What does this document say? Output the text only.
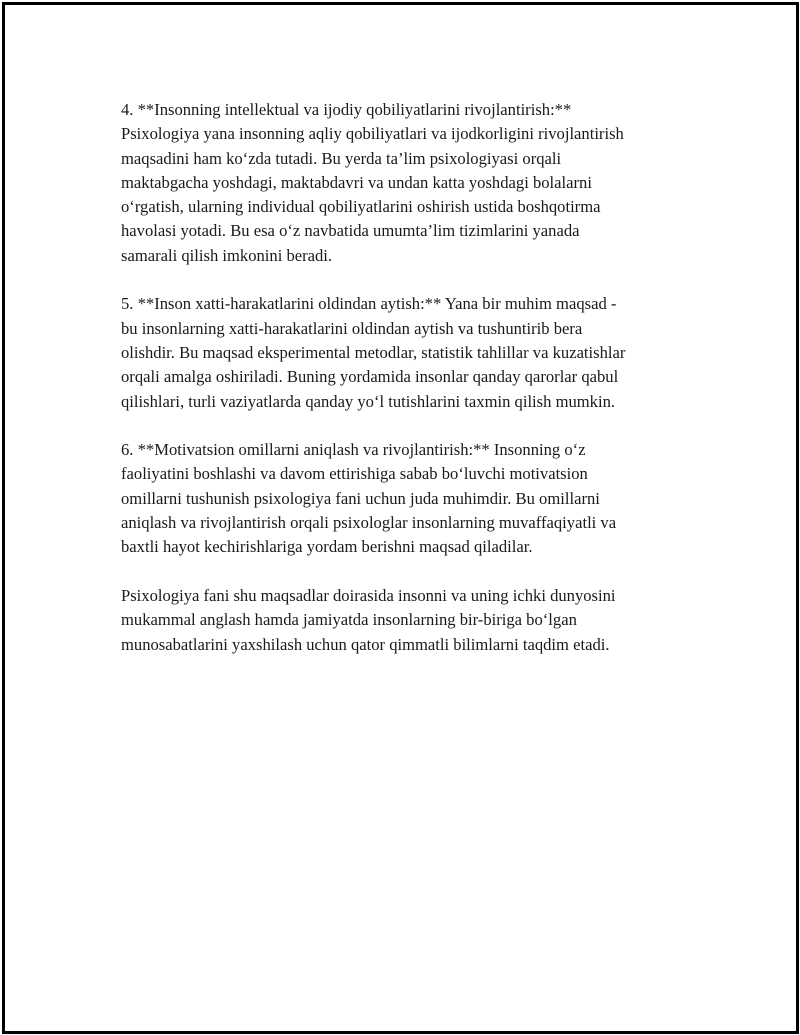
4. **Insonning intellektual va ijodiy qobiliyatlarini rivojlantirish:**
Psixologiya yana insonning aqliy qobiliyatlari va ijodkorligini rivojlantirish
maqsadini ham ko‘zda tutadi. Bu yerda ta’lim psixologiyasi orqali
maktabgacha yoshdagi, maktabdavri va undan katta yoshdagi bolalarni
o‘rgatish, ularning individual qobiliyatlarini oshirish ustida boshqotirma
havolasi yotadi. Bu esa o‘z navbatida umumta’lim tizimlarini yanada
samarali qilish imkonini beradi.

5. **Inson xatti-harakatlarini oldindan aytish:** Yana bir muhim maqsad -
bu insonlarning xatti-harakatlarini oldindan aytish va tushuntirib bera
olishdir. Bu maqsad eksperimental metodlar, statistik tahlillar va kuzatishlar
orqali amalga oshiriladi. Buning yordamida insonlar qanday qarorlar qabul
qilishlari, turli vaziyatlarda qanday yo‘l tutishlarini taxmin qilish mumkin.

6. **Motivatsion omillarni aniqlash va rivojlantirish:** Insonning o‘z
faoliyatini boshlashi va davom ettirishiga sabab bo‘luvchi motivatsion
omillarni tushunish psixologiya fani uchun juda muhimdir. Bu omillarni
aniqlash va rivojlantirish orqali psixologlar insonlarning muvaffaqiyatli va
baxtli hayot kechirishlariga yordam berishni maqsad qiladilar.

Psixologiya fani shu maqsadlar doirasida insonni va uning ichki dunyosini
mukammal anglash hamda jamiyatda insonlarning bir-biriga bo‘lgan
munosabatlarini yaxshilash uchun qator qimmatli bilimlarni taqdim etadi.
